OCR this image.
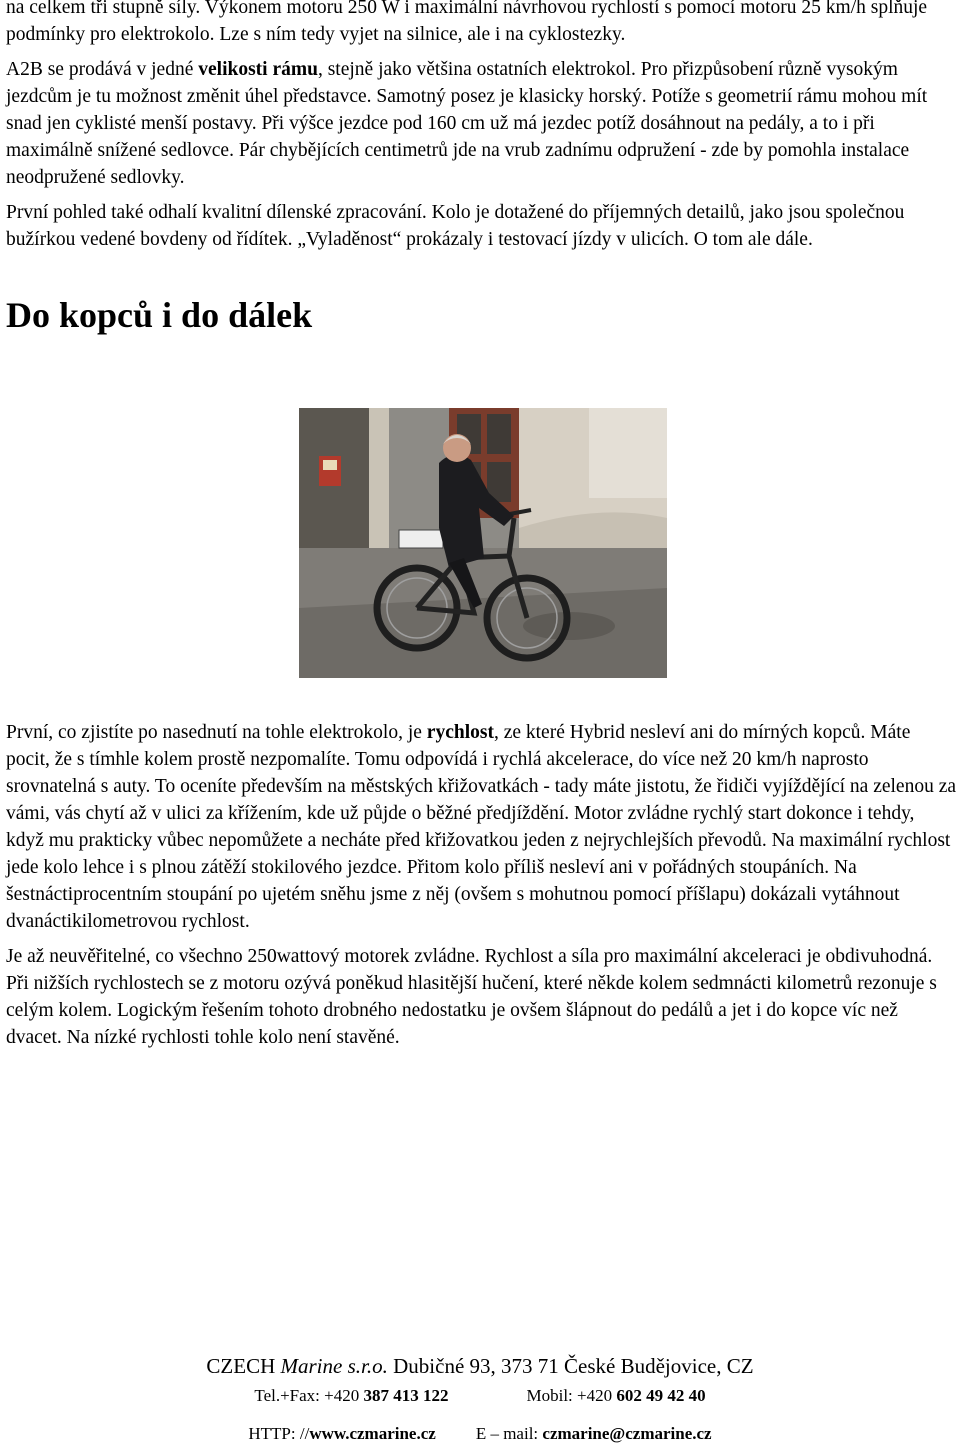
na celkem tři stupně síly. Výkonem motoru 250 W i maximální návrhovou rychlostí s pomocí motoru 25 km/h splňuje podmínky pro elektrokolo. Lze s ním tedy vyjet na silnice, ale i na cyklostezky.

A2B se prodává v jedné velikosti rámu, stejně jako většina ostatních elektrokol. Pro přizpůsobení různě vysokým jezdcům je tu možnost změnit úhel představce. Samotný posez je klasicky horský. Potíže s geometrií rámu mohou mít snad jen cyklisté menší postavy. Při výšce jezdce pod 160 cm už má jezdec potíž dosáhnout na pedály, a to i při maximálně snížené sedlovce. Pár chybějících centimetrů jde na vrub zadnímu odpružení - zde by pomohla instalace neodpružené sedlovky.

První pohled také odhalí kvalitní dílenské zpracování. Kolo je dotažené do příjemných detailů, jako jsou společnou bužírkou vedené bovdeny od řídítek. „Vyladěnost“ prokázaly i testovací jízdy v ulicích. O tom ale dále.

Do kopců i do dálek

První, co zjistíte po nasednutí na tohle elektrokolo, je rychlost, ze které Hybrid nesleví ani do mírných kopců. Máte pocit, že s tímhle kolem prostě nezpomalíte. Tomu odpovídá i rychlá akcelerace, do více než 20 km/h naprosto srovnatelná s auty. To oceníte především na městských křižovatkách - tady máte jistotu, že řidiči vyjíždějící na zelenou za vámi, vás chytí až v ulici za křížením, kde už půjde o běžné předjíždění. Motor zvládne rychlý start dokonce i tehdy, když mu prakticky vůbec nepomůžete a necháte před křižovatkou jeden z nejrychlejších převodů. Na maximální rychlost jede kolo lehce i s plnou zátěží stokilového jezdce. Přitom kolo příliš nesleví ani v pořádných stoupáních. Na šestnáctiprocentním stoupání po ujetém sněhu jsme z něj (ovšem s mohutnou pomocí příšlapu) dokázali vytáhnout dvanáctikilometrovou rychlost.

Je až neuvěřitelné, co všechno 250wattový motorek zvládne. Rychlost a síla pro maximální akceleraci je obdivuhodná. Při nižších rychlostech se z motoru ozývá poněkud hlasitější hučení, které někde kolem sedmnácti kilometrů rezonuje s celým kolem. Logickým řešením tohoto drobného nedostatku je ovšem šlápnout do pedálů a jet i do kopce víc než dvacet. Na nízké rychlosti tohle kolo není stavěné.

CZECH Marine s.r.o. Dubičné 93, 373 71 České Budějovice, CZ

Tel.+Fax: +420 387 413 122	Mobil: +420 602 49 42 40

HTTP: //www.czmarine.cz E – mail: czmarine@czmarine.cz
